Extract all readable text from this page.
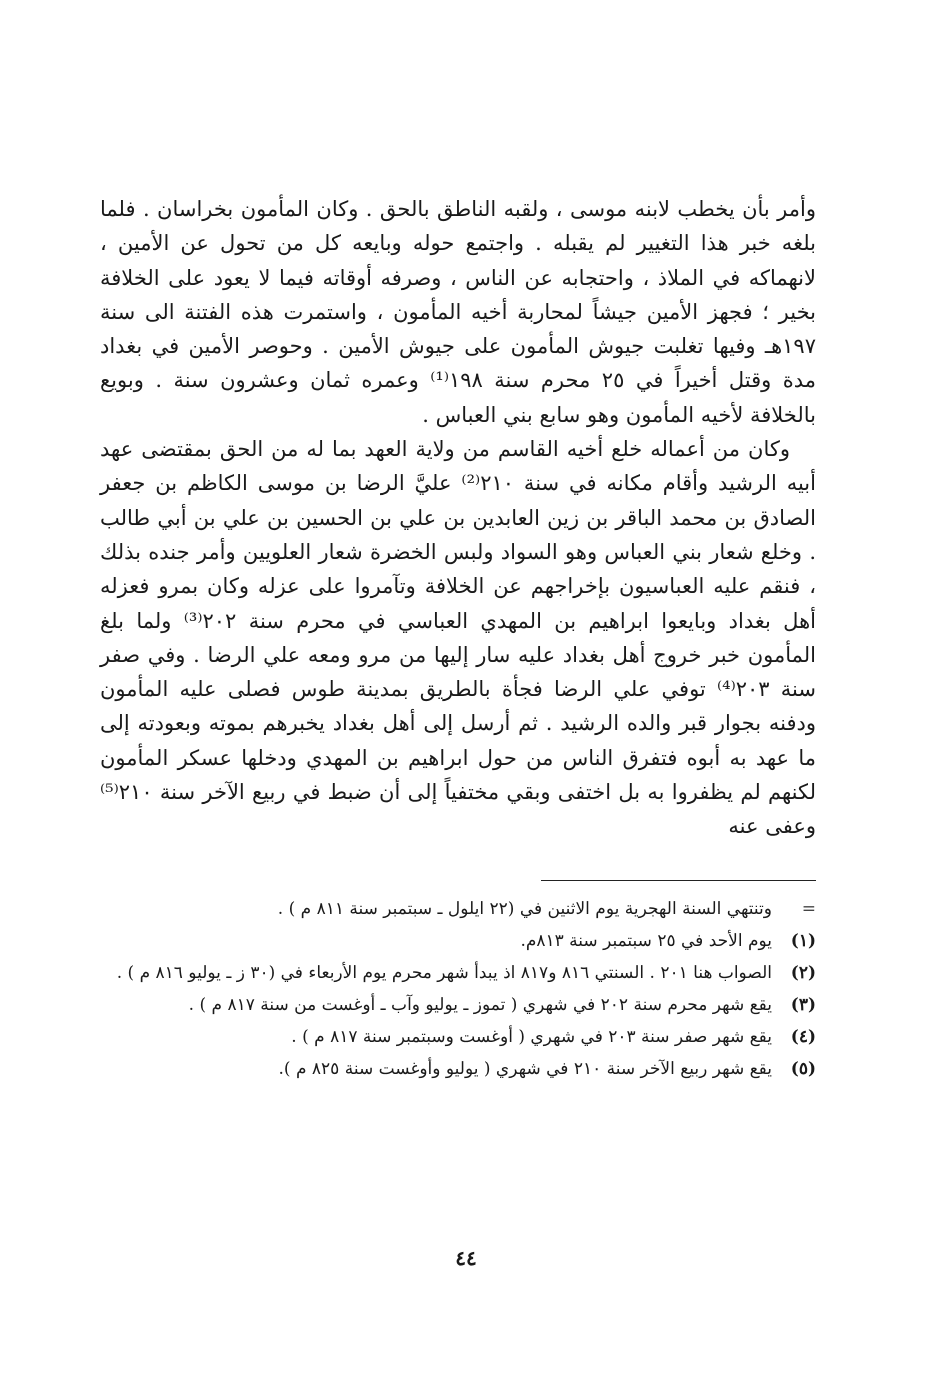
وأمر بأن يخطب لابنه موسى ، ولقبه الناطق بالحق . وكان المأمون بخراسان . فلما بلغه خبر هذا التغيير لم يقبله . واجتمع حوله وبايعه كل من تحول عن الأمين ، لانهماكه في الملاذ ، واحتجابه عن الناس ، وصرفه أوقاته فيما لا يعود على الخلافة بخير ؛ فجهز الأمين جيشاً لمحاربة أخيه المأمون ، واستمرت هذه الفتنة الى سنة ١٩٧هـ وفيها تغلبت جيوش المأمون على جيوش الأمين . وحوصر الأمين في بغداد مدة وقتل أخيراً في ٢٥ محرم سنة ١٩٨⁽¹⁾ وعمره ثمان وعشرون سنة . وبويع بالخلافة لأخيه المأمون وهو سابع بني العباس .

وكان من أعماله خلع أخيه القاسم من ولاية العهد بما له من الحق بمقتضى عهد أبيه الرشيد وأقام مكانه في سنة ٢١٠⁽²⁾ عليَّ الرضا بن موسى الكاظم بن جعفر الصادق بن محمد الباقر بن زين العابدين بن علي بن الحسين بن علي بن أبي طالب . وخلع شعار بني العباس وهو السواد ولبس الخضرة شعار العلويين وأمر جنده بذلك ، فنقم عليه العباسيون بإخراجهم عن الخلافة وتآمروا على عزله وكان بمرو فعزله أهل بغداد وبايعوا ابراهيم بن المهدي العباسي في محرم سنة ٢٠٢⁽³⁾ ولما بلغ المأمون خبر خروج أهل بغداد عليه سار إليها من مرو ومعه علي الرضا . وفي صفر سنة ٢٠٣⁽⁴⁾ توفي علي الرضا فجأة بالطريق بمدينة طوس فصلى عليه المأمون ودفنه بجوار قبر والده الرشيد . ثم أرسل إلى أهل بغداد يخبرهم بموته وبعودته إلى ما عهد به أبوه فتفرق الناس من حول ابراهيم بن المهدي ودخلها عسكر المأمون لكنهم لم يظفروا به بل اختفى وبقي مختفياً إلى أن ضبط في ربيع الآخر سنة ٢١٠⁽⁵⁾ وعفى عنه

=
وتنتهي السنة الهجرية يوم الاثنين في (٢٢ ايلول ـ سبتمبر سنة ٨١١ م ) .
(١)
يوم الأحد في ٢٥ سبتمبر سنة ٨١٣م.
(٢)
الصواب هنا ٢٠١ . السنتي ٨١٦ و٨١٧ اذ يبدأ شهر محرم يوم الأربعاء في (٣٠ ز ـ يوليو ٨١٦ م ) .
(٣)
يقع شهر محرم سنة ٢٠٢ في شهري ( تموز ـ يوليو وآب ـ أوغست من سنة ٨١٧ م ) .
(٤)
يقع شهر صفر سنة ٢٠٣ في شهري ( أوغست وسبتمبر سنة ٨١٧ م ) .
(٥)
يقع شهر ربيع الآخر سنة ٢١٠ في شهري ( يوليو وأوغست سنة ٨٢٥ م ).
٤٤
